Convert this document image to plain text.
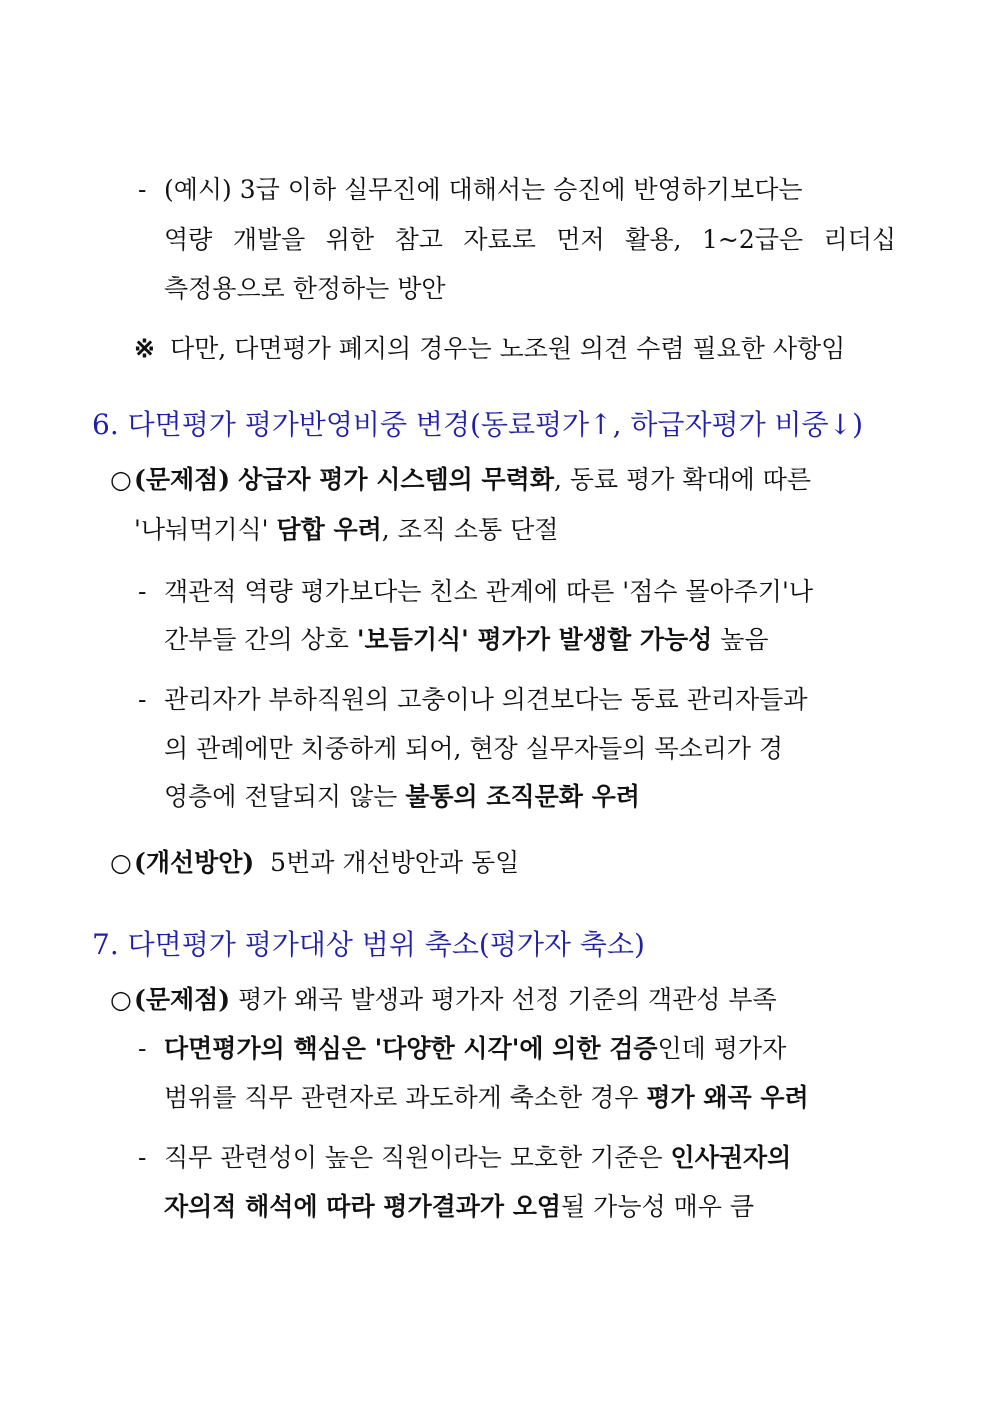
- (예시) 3급 이하 실무진에 대해서는 승진에 반영하기보다는
역량 개발을 위한 참고 자료로 먼저 활용, 1~2급은 리더십
측정용으로 한정하는 방안
※ 다만, 다면평가 폐지의 경우는 노조원 의견 수렴 필요한 사항임
6. 다면평가 평가반영비중 변경(동료평가↑, 하급자평가 비중↓)
○(문제점) 상급자 평가 시스템의 무력화, 동료 평가 확대에 따른
'나눠먹기식' 담합 우려, 조직 소통 단절
- 객관적 역량 평가보다는 친소 관계에 따른 '점수 몰아주기'나
간부들 간의 상호 '보듬기식' 평가가 발생할 가능성 높음
- 관리자가 부하직원의 고충이나 의견보다는 동료 관리자들과
의 관례에만 치중하게 되어, 현장 실무자들의 목소리가 경
영층에 전달되지 않는 불통의 조직문화 우려
○(개선방안) 5번과 개선방안과 동일
7. 다면평가 평가대상 범위 축소(평가자 축소)
○(문제점) 평가 왜곡 발생과 평가자 선정 기준의 객관성 부족
- 다면평가의 핵심은 '다양한 시각'에 의한 검증인데 평가자
범위를 직무 관련자로 과도하게 축소한 경우 평가 왜곡 우려
- 직무 관련성이 높은 직원이라는 모호한 기준은 인사권자의
자의적 해석에 따라 평가결과가 오염될 가능성 매우 큼
